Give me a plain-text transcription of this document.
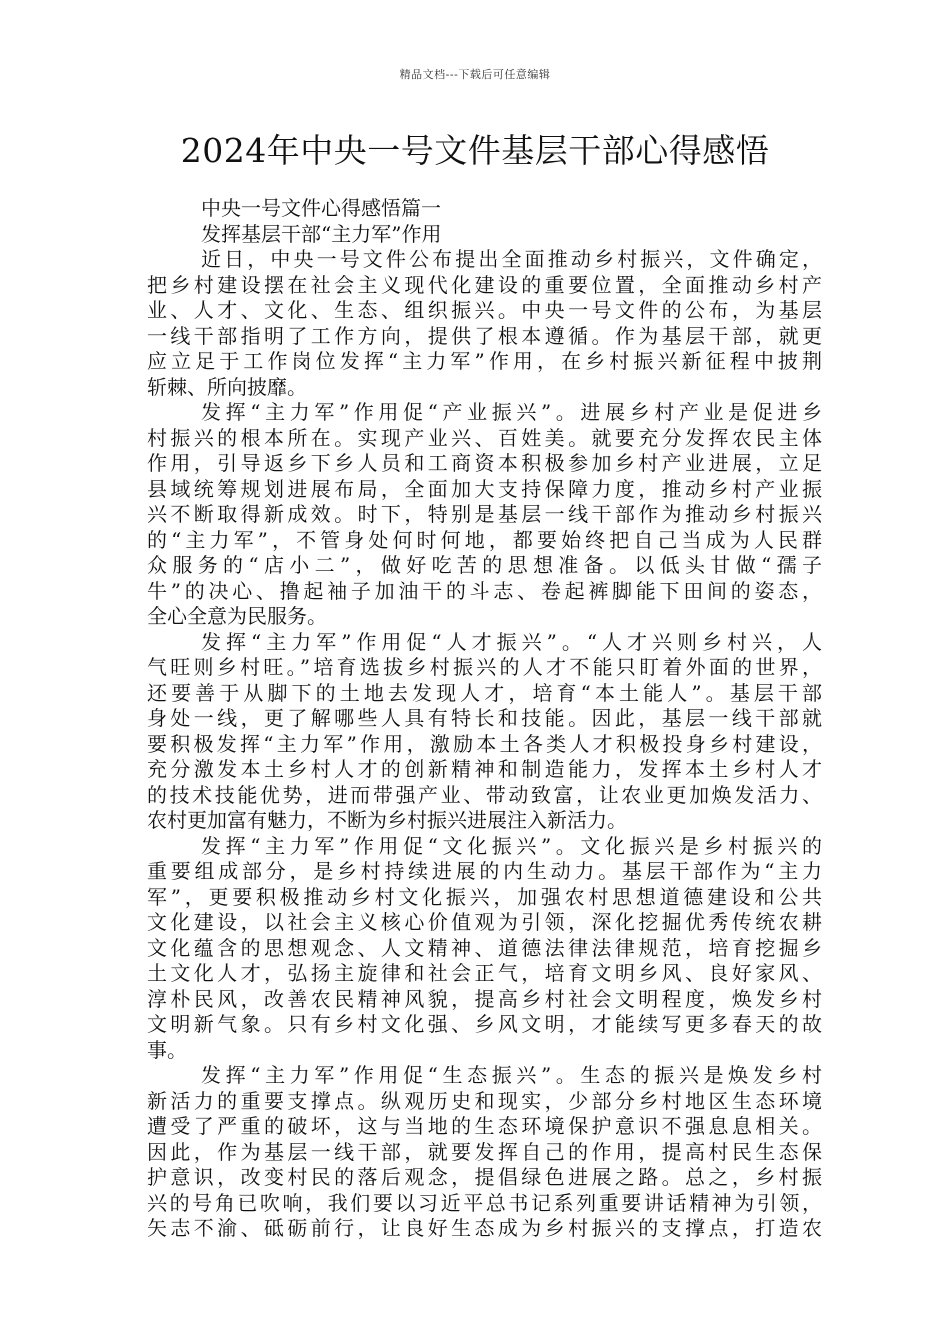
精品文档---下载后可任意编辑
2024年中央一号文件基层干部心得感悟
中央一号文件心得感悟篇一
发挥基层干部“主力军”作用
近日，中央一号文件公布提出全面推动乡村振兴，文件确定，
把乡村建设摆在社会主义现代化建设的重要位置，全面推动乡村产
业、人才、文化、生态、组织振兴。中央一号文件的公布，为基层
一线干部指明了工作方向，提供了根本遵循。作为基层干部，就更
应立足于工作岗位发挥“主力军”作用，在乡村振兴新征程中披荆
斩棘、所向披靡。
发挥“主力军”作用促“产业振兴”。进展乡村产业是促进乡
村振兴的根本所在。实现产业兴、百姓美。就要充分发挥农民主体
作用，引导返乡下乡人员和工商资本积极参加乡村产业进展，立足
县域统筹规划进展布局，全面加大支持保障力度，推动乡村产业振
兴不断取得新成效。时下，特别是基层一线干部作为推动乡村振兴
的“主力军”，不管身处何时何地，都要始终把自己当成为人民群
众服务的“店小二”，做好吃苦的思想准备。以低头甘做“孺子
牛”的决心、撸起袖子加油干的斗志、卷起裤脚能下田间的姿态，
全心全意为民服务。
发挥“主力军”作用促“人才振兴”。“人才兴则乡村兴，人
气旺则乡村旺。”培育选拔乡村振兴的人才不能只盯着外面的世界，
还要善于从脚下的土地去发现人才，培育“本土能人”。基层干部
身处一线，更了解哪些人具有特长和技能。因此，基层一线干部就
要积极发挥“主力军”作用，激励本土各类人才积极投身乡村建设，
充分激发本土乡村人才的创新精神和制造能力，发挥本土乡村人才
的技术技能优势，进而带强产业、带动致富，让农业更加焕发活力、
农村更加富有魅力，不断为乡村振兴进展注入新活力。
发挥“主力军”作用促“文化振兴”。文化振兴是乡村振兴的
重要组成部分，是乡村持续进展的内生动力。基层干部作为“主力
军”，更要积极推动乡村文化振兴，加强农村思想道德建设和公共
文化建设，以社会主义核心价值观为引领，深化挖掘优秀传统农耕
文化蕴含的思想观念、人文精神、道德法律法律规范，培育挖掘乡
土文化人才，弘扬主旋律和社会正气，培育文明乡风、良好家风、
淳朴民风，改善农民精神风貌，提高乡村社会文明程度，焕发乡村
文明新气象。只有乡村文化强、乡风文明，才能续写更多春天的故
事。
发挥“主力军”作用促“生态振兴”。生态的振兴是焕发乡村
新活力的重要支撑点。纵观历史和现实，少部分乡村地区生态环境
遭受了严重的破坏，这与当地的生态环境保护意识不强息息相关。
因此，作为基层一线干部，就要发挥自己的作用，提高村民生态保
护意识，改变村民的落后观念，提倡绿色进展之路。总之，乡村振
兴的号角已吹响，我们要以习近平总书记系列重要讲话精神为引领，
矢志不渝、砥砺前行，让良好生态成为乡村振兴的支撑点，打造农
